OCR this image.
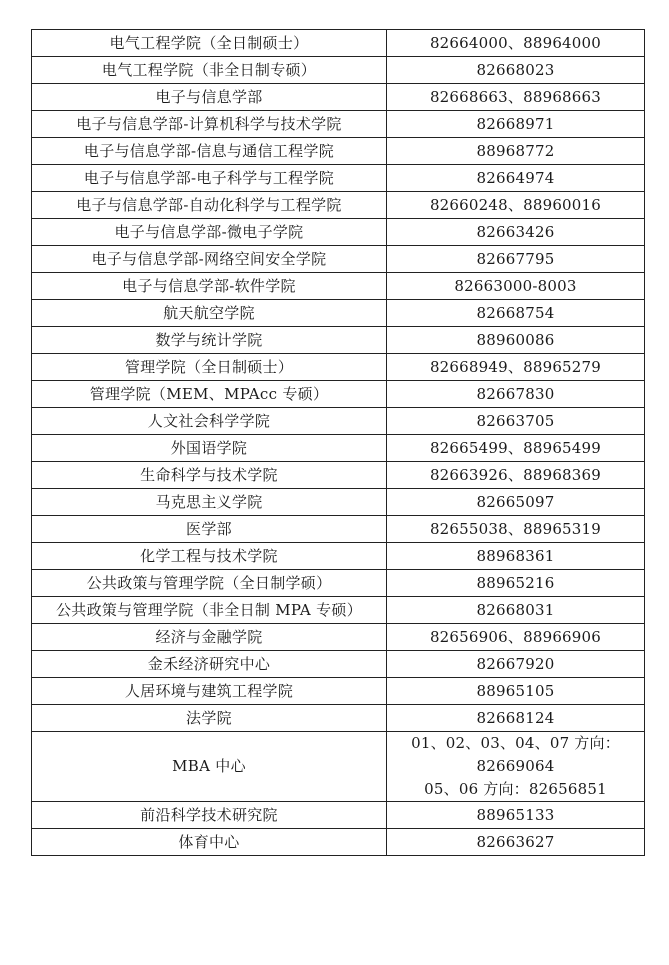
电气工程学院（全日制硕士）	82664000、88964000
电气工程学院（非全日制专硕）	82668023
电子与信息学部	82668663、88968663
电子与信息学部-计算机科学与技术学院	82668971
电子与信息学部-信息与通信工程学院	88968772
电子与信息学部-电子科学与工程学院	82664974
电子与信息学部-自动化科学与工程学院	82660248、88960016
电子与信息学部-微电子学院	82663426
电子与信息学部-网络空间安全学院	82667795
电子与信息学部-软件学院	82663000-8003
航天航空学院	82668754
数学与统计学院	88960086
管理学院（全日制硕士）	82668949、88965279
管理学院（MEM、MPAcc 专硕）	82667830
人文社会科学学院	82663705
外国语学院	82665499、88965499
生命科学与技术学院	82663926、88968369
马克思主义学院	82665097
医学部	82655038、88965319
化学工程与技术学院	88968361
公共政策与管理学院（全日制学硕）	88965216
公共政策与管理学院（非全日制 MPA 专硕）	82668031
经济与金融学院	82656906、88966906
金禾经济研究中心	82667920
人居环境与建筑工程学院	88965105
法学院	82668124
MBA 中心	01、02、03、04、07 方向：
82669064
05、06 方向：82656851

前沿科学技术研究院	88965133
体育中心	82663627
